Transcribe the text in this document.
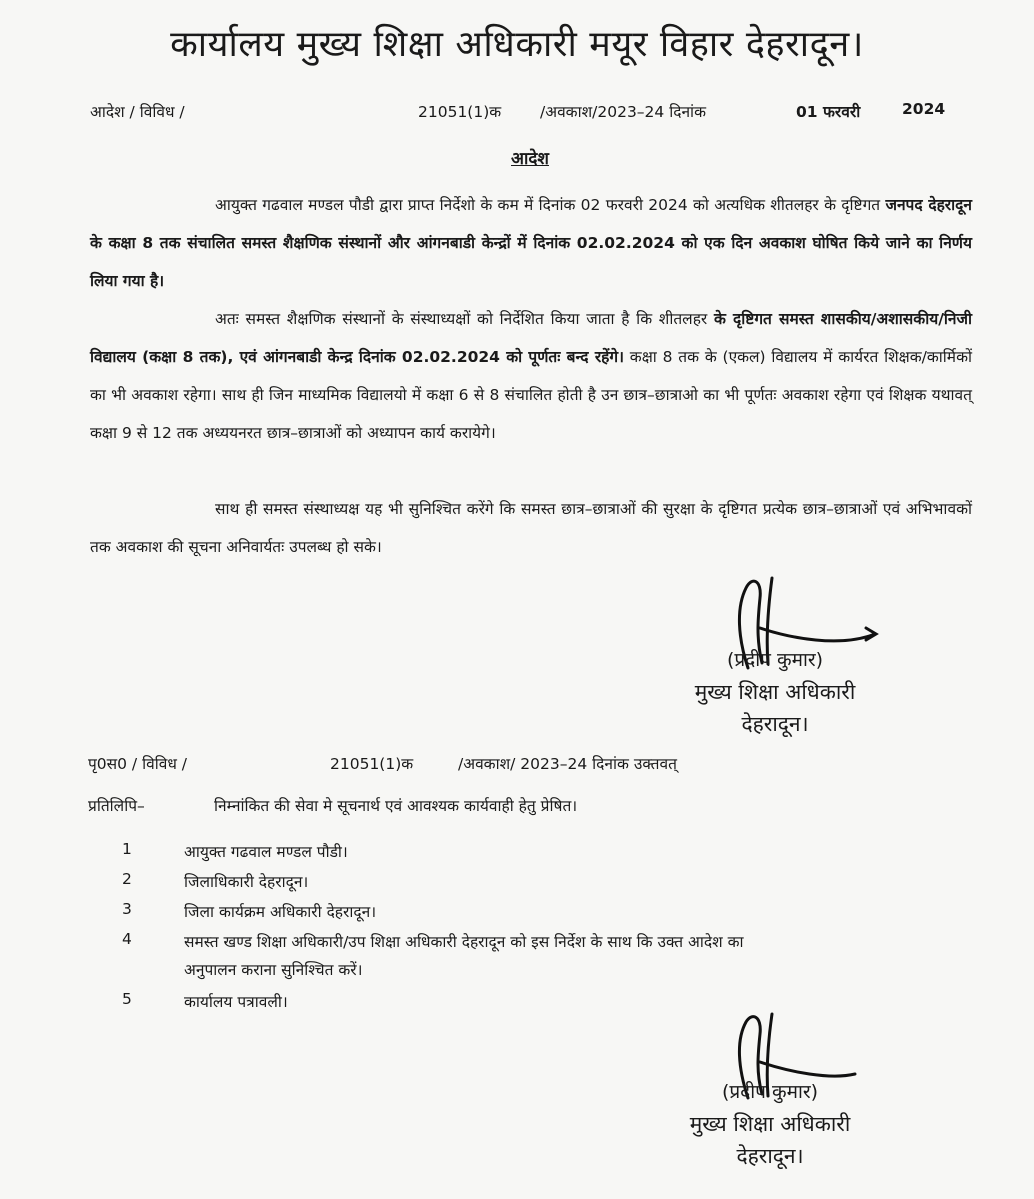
कार्यालय मुख्य शिक्षा अधिकारी मयूर विहार देहरादून।
आदेश / विविध /	21051(1)क	/अवकाश/2023–24 दिनांक	01 फरवरी	2024
आदेश
आयुक्त गढवाल मण्डल पौडी द्वारा प्राप्त निर्देशो के कम में दिनांक 02 फरवरी 2024 को अत्यधिक शीतलहर के दृष्टिगत जनपद देहरादून के कक्षा 8 तक संचालित समस्त शैक्षणिक संस्थानों और आंगनबाडी केन्द्रों में दिनांक 02.02.2024 को एक दिन अवकाश घोषित किये जाने का निर्णय लिया गया है।
अतः समस्त शैक्षणिक संस्थानों के संस्थाध्यक्षों को निर्देशित किया जाता है कि शीतलहर के दृष्टिगत समस्त शासकीय/अशासकीय/निजी विद्यालय (कक्षा 8 तक), एवं आंगनबाडी केन्द्र दिनांक 02.02.2024 को पूर्णतः बन्द रहेंगे। कक्षा 8 तक के (एकल) विद्यालय में कार्यरत शिक्षक/कार्मिकों का भी अवकाश रहेगा। साथ ही जिन माध्यमिक विद्यालयो में कक्षा 6 से 8 संचालित होती है उन छात्र–छात्राओ का भी पूर्णतः अवकाश रहेगा एवं शिक्षक यथावत् कक्षा 9 से 12 तक अध्ययनरत छात्र–छात्राओं को अध्यापन कार्य करायेगे।
साथ ही समस्त संस्थाध्यक्ष यह भी सुनिश्चित करेंगे कि समस्त छात्र–छात्राओं की सुरक्षा के दृष्टिगत प्रत्येक छात्र–छात्राओं एवं अभिभावकों तक अवकाश की सूचना अनिवार्यतः उपलब्ध हो सके।
(प्रदीप कुमार)
मुख्य शिक्षा अधिकारी
देहरादून।
पृ0स0 / विविध /	21051(1)क	/अवकाश/ 2023–24 दिनांक उक्तवत्
प्रतिलिपि–	निम्नांकित की सेवा मे सूचनार्थ एवं आवश्यक कार्यवाही हेतु प्रेषित।
1	आयुक्त गढवाल मण्डल पौडी।
2	जिलाधिकारी देहरादून।
3	जिला कार्यक्रम अधिकारी देहरादून।
4	समस्त खण्ड शिक्षा अधिकारी/उप शिक्षा अधिकारी देहरादून को इस निर्देश के साथ कि उक्त आदेश का
अनुपालन कराना सुनिश्चित करें।
5	कार्यालय पत्रावली।
(प्रदीप कुमार)
मुख्य शिक्षा अधिकारी
देहरादून।
